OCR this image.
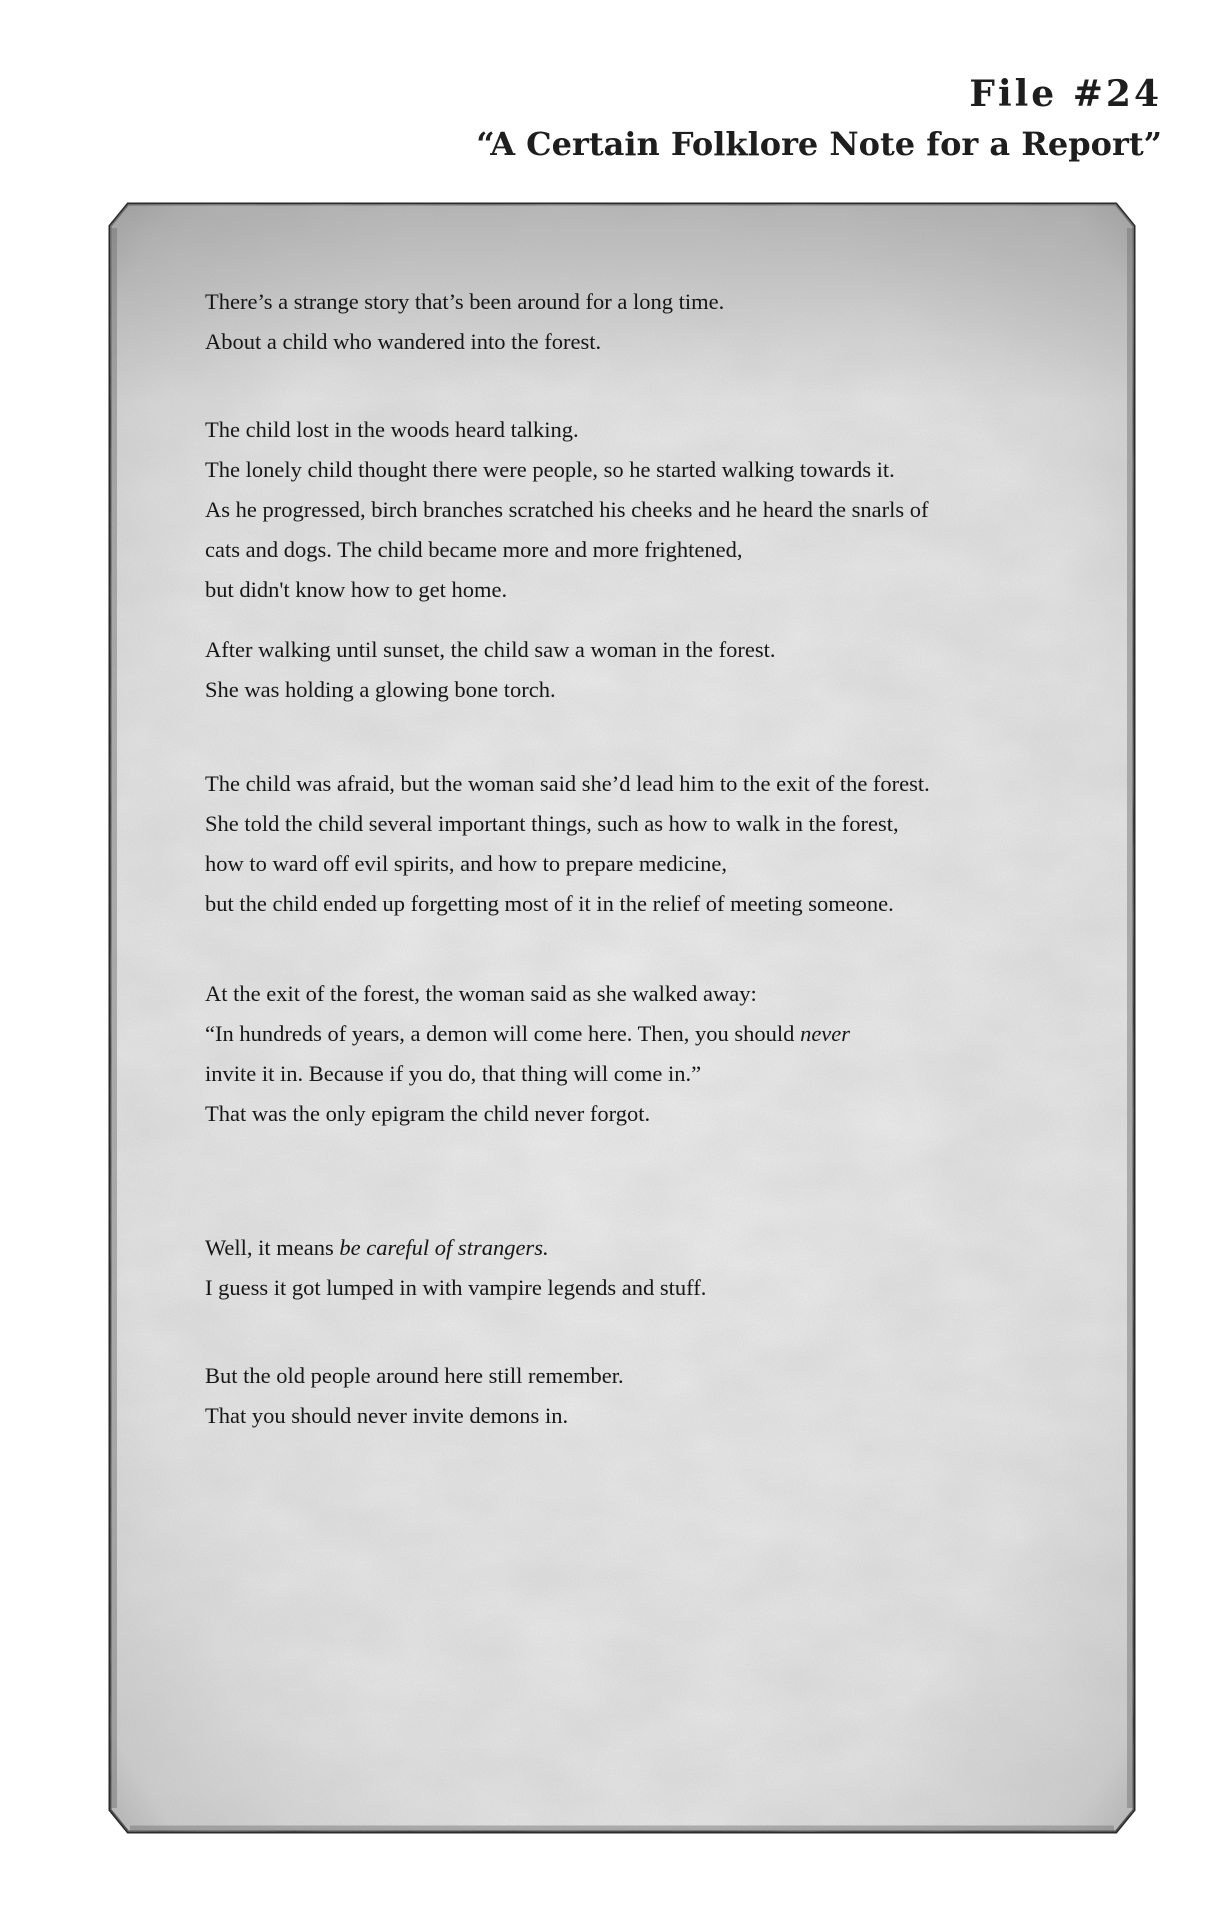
File #24
“A Certain Folklore Note for a Report”

There’s a strange story that’s been around for a long time.
About a child who wandered into the forest.

The child lost in the woods heard talking.
The lonely child thought there were people, so he started walking towards it.
As he progressed, birch branches scratched his cheeks and he heard the snarls of
cats and dogs. The child became more and more frightened,
but didn't know how to get home.

After walking until sunset, the child saw a woman in the forest.
She was holding a glowing bone torch.

The child was afraid, but the woman said she’d lead him to the exit of the forest.
She told the child several important things, such as how to walk in the forest,
how to ward off evil spirits, and how to prepare medicine,
but the child ended up forgetting most of it in the relief of meeting someone.

At the exit of the forest, the woman said as she walked away:
“In hundreds of years, a demon will come here. Then, you should never
invite it in. Because if you do, that thing will come in.”
That was the only epigram the child never forgot.

Well, it means be careful of strangers.
I guess it got lumped in with vampire legends and stuff.

But the old people around here still remember.
That you should never invite demons in.
